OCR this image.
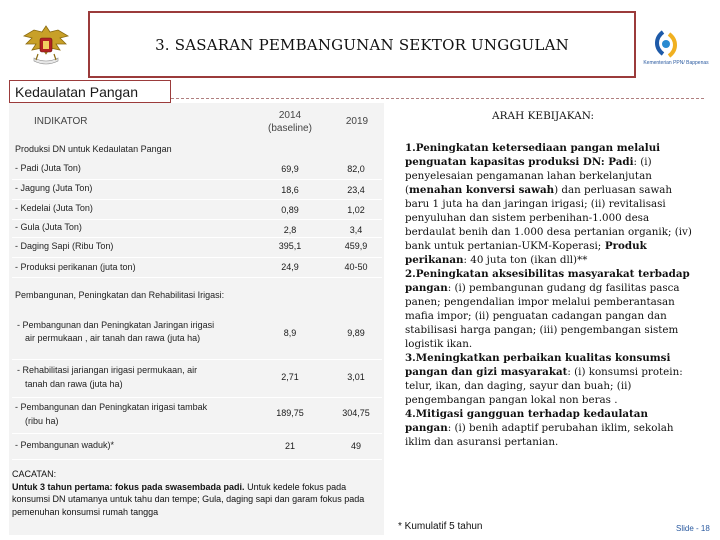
Kementerian PPN/ Bappenas
3. SASARAN PEMBANGUNAN SEKTOR UNGGULAN
Kedaulatan Pangan
INDIKATOR
2014
(baseline)
2019
Produksi DN untuk Kedaulatan Pangan
- Padi (Juta Ton)	69,9	82,0
- Jagung (Juta Ton)	18,6	23,4
- Kedelai (Juta Ton)	0,89	1,02
- Gula (Juta Ton)	2,8	3,4
- Daging Sapi (Ribu Ton)	395,1	459,9
- Produksi perikanan (juta ton)	24,9	40-50
Pembangunan, Peningkatan dan Rehabilitasi Irigasi:
- Pembangunan dan Peningkatan Jaringan irigasi
air permukaan , air tanah dan rawa (juta ha)	8,9	9,89
- Rehabilitasi jariangan irigasi permukaan, air
tanah dan rawa (juta ha)
2,71	3,01
- Pembangunan dan Peningkatan irigasi tambak
(ribu ha)
189,75	304,75
- Pembangunan waduk)*	21	49
CACATAN:
Untuk 3 tahun pertama: fokus pada swasembada padi. Untuk kedele fokus pada konsumsi DN utamanya untuk tahu dan tempe; Gula, daging sapi dan garam fokus pada pemenuhan konsumsi rumah tangga
ARAH KEBIJAKAN:
1.Peningkatan ketersediaan pangan melalui penguatan kapasitas produksi DN: Padi: (i) penyelesaian pengamanan lahan berkelanjutan (menahan konversi sawah) dan perluasan sawah baru 1 juta ha dan jaringan irigasi; (ii) revitalisasi penyuluhan dan sistem perbenihan-1.000 desa berdaulat benih dan 1.000 desa pertanian organik; (iv) bank untuk pertanian-UKM-Koperasi; Produk perikanan: 40 juta ton (ikan dll)**
2.Peningkatan aksesibilitas masyarakat terbadap pangan: (i) pembangunan gudang dg fasilitas pasca panen; pengendalian impor melalui pemberantasan mafia impor; (ii) penguatan cadangan pangan dan stabilisasi harga pangan; (iii) pengembangan sistem logistik ikan.
3.Meningkatkan perbaikan kualitas konsumsi pangan dan gizi masyarakat: (i) konsumsi protein: telur, ikan, dan daging, sayur dan buah; (ii) pengembangan pangan lokal non beras .
4.Mitigasi gangguan terhadap kedaulatan pangan: (i) benih adaptif perubahan iklim, sekolah iklim dan asuransi pertanian.
* Kumulatif 5 tahun	Slide - 18
